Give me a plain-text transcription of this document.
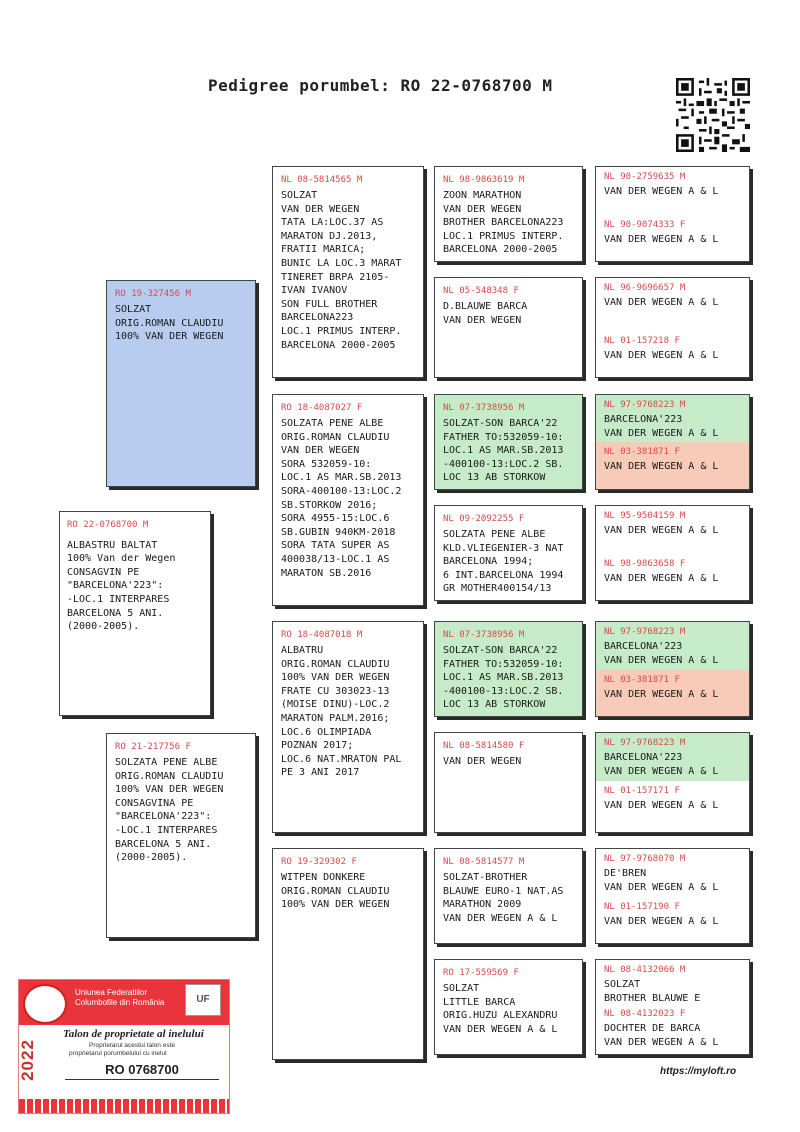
Pedigree porumbel: RO 22-0768700 M
RO 22-0768700 M
ALBASTRU BALTAT
100% Van der Wegen
CONSAGVIN PE
"BARCELONA'223":
-LOC.1 INTERPARES
BARCELONA 5 ANI.
(2000-2005).
RO 19-327456 M
SOLZAT
ORIG.ROMAN CLAUDIU
100% VAN DER WEGEN
RO 21-217756 F
SOLZATA PENE ALBE
ORIG.ROMAN CLAUDIU
100% VAN DER WEGEN
CONSAGVINA PE
"BARCELONA'223":
-LOC.1 INTERPARES
BARCELONA 5 ANI.
(2000-2005).
NL 08-5814565 M
SOLZAT
VAN DER WEGEN
TATA LA:LOC.37 AS
MARATON DJ.2013,
FRATII MARICA;
BUNIC LA LOC.3 MARAT
TINERET BRPA 2105-
IVAN IVANOV
SON FULL BROTHER
BARCELONA223
LOC.1 PRIMUS INTERP.
BARCELONA 2000-2005
RO 18-4087027 F
SOLZATA PENE ALBE
ORIG.ROMAN CLAUDIU
VAN DER WEGEN
SORA 532059-10:
LOC.1 AS MAR.SB.2013
SORA-400100-13:LOC.2
SB.STORKOW 2016;
SORA 4955-15:LOC.6
SB.GUBIN 940KM-2018
SORA TATA SUPER AS
400038/13-LOC.1 AS
MARATON SB.2016
RO 18-4087018 M
ALBATRU
ORIG.ROMAN CLAUDIU
100% VAN DER WEGEN
FRATE CU 303023-13
(MOISE DINU)-LOC.2
MARATON PALM.2016;
LOC.6 OLIMPIADA
POZNAN 2017;
LOC.6 NAT.MRATON PAL
PE 3 ANI 2017
RO 19-329302 F
WITPEN DONKERE
ORIG.ROMAN CLAUDIU
100% VAN DER WEGEN
NL 98-9863619 M
ZOON MARATHON
VAN DER WEGEN
BROTHER BARCELONA223
LOC.1 PRIMUS INTERP.
BARCELONA 2000-2005
NL 05-548348 F
D.BLAUWE BARCA
VAN DER WEGEN
NL 07-3738956 M
SOLZAT-SON BARCA'22
FATHER TO:532059-10:
LOC.1 AS MAR.SB.2013
-400100-13:LOC.2 SB.
LOC 13 AB STORKOW
NL 09-2092255 F
SOLZATA PENE ALBE
KLD.VLIEGENIER-3 NAT
BARCELONA 1994;
6 INT.BARCELONA 1994
GR MOTHER400154/13
NL 07-3738956 M
SOLZAT-SON BARCA'22
FATHER TO:532059-10:
LOC.1 AS MAR.SB.2013
-400100-13:LOC.2 SB.
LOC 13 AB STORKOW
NL 08-5814580 F
VAN DER WEGEN
NL 08-5814577 M
SOLZAT-BROTHER
BLAUWE EURO-1 NAT.AS
MARATHON 2009
VAN DER WEGEN A & L
RO 17-559569 F
SOLZAT
LITTLE BARCA
ORIG.HUZU ALEXANDRU
VAN DER WEGEN A & L
NL 90-2759635 M
VAN DER WEGEN A & L
NL 90-9074333 F
VAN DER WEGEN A & L
NL 96-9696657 M
VAN DER WEGEN A & L
NL 01-157218 F
VAN DER WEGEN A & L
NL 97-9768223 M
BARCELONA'223
VAN DER WEGEN A & L
NL 03-381871 F
VAN DER WEGEN A & L
NL 95-9504159 M
VAN DER WEGEN A & L
NL 98-9863658 F
VAN DER WEGEN A & L
NL 97-9768223 M
BARCELONA'223
VAN DER WEGEN A & L
NL 03-381871 F
VAN DER WEGEN A & L
NL 97-9768223 M
BARCELONA'223
VAN DER WEGEN A & L
NL 01-157171 F
VAN DER WEGEN A & L
NL 97-9768070 M
DE'BREN
VAN DER WEGEN A & L
NL 01-157190 F
VAN DER WEGEN A & L
NL 08-4132066 M
SOLZAT
BROTHER BLAUWE E
NL 08-4132023 F
DOCHTER DE BARCA
VAN DER WEGEN A & L
https://myloft.ro
Uniunea Federatiilor
Columbofile din România	UF
2022
Talon de proprietate al inelului
Proprietarul acestui talon este
proprietarul porumbelului cu inelul
RO 0768700
